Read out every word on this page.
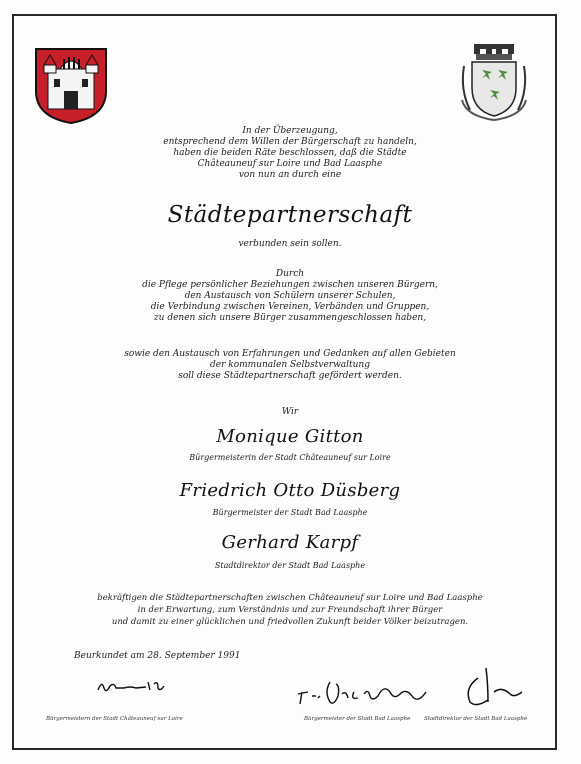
In der Überzeugung,
entsprechend dem Willen der Bürgerschaft zu handeln,
haben die beiden Räte beschlossen, daß die Städte
Châteauneuf sur Loire und Bad Laasphe
von nun an durch eine
Städtepartnerschaft
verbunden sein sollen.
Durch
die Pflege persönlicher Beziehungen zwischen unseren Bürgern,
den Austausch von Schülern unserer Schulen,
die Verbindung zwischen Vereinen, Verbänden und Gruppen,
zu denen sich unsere Bürger zusammengeschlossen haben,
sowie den Austausch von Erfahrungen und Gedanken auf allen Gebieten
der kommunalen Selbstverwaltung
soll diese Städtepartnerschaft gefördert werden.
Wir
Monique Gitton
Bürgermeisterin der Stadt Châteauneuf sur Loire
Friedrich Otto Düsberg
Bürgermeister der Stadt Bad Laasphe
Gerhard Karpf
Stadtdirektor der Stadt Bad Laasphe
bekräftigen die Städtepartnerschaften zwischen Châteauneuf sur Loire und Bad Laasphe
in der Erwartung, zum Verständnis und zur Freundschaft ihrer Bürger
und damit zu einer glücklichen und friedvollen Zukunft beider Völker beizutragen.
Beurkundet am 28. September 1991
Bürgermeistern der Stadt Châteauneuf sur Loire	Bürgermeister der Stadt Bad Laasphe Stadtdirektor der Stadt Bad Laasphe
